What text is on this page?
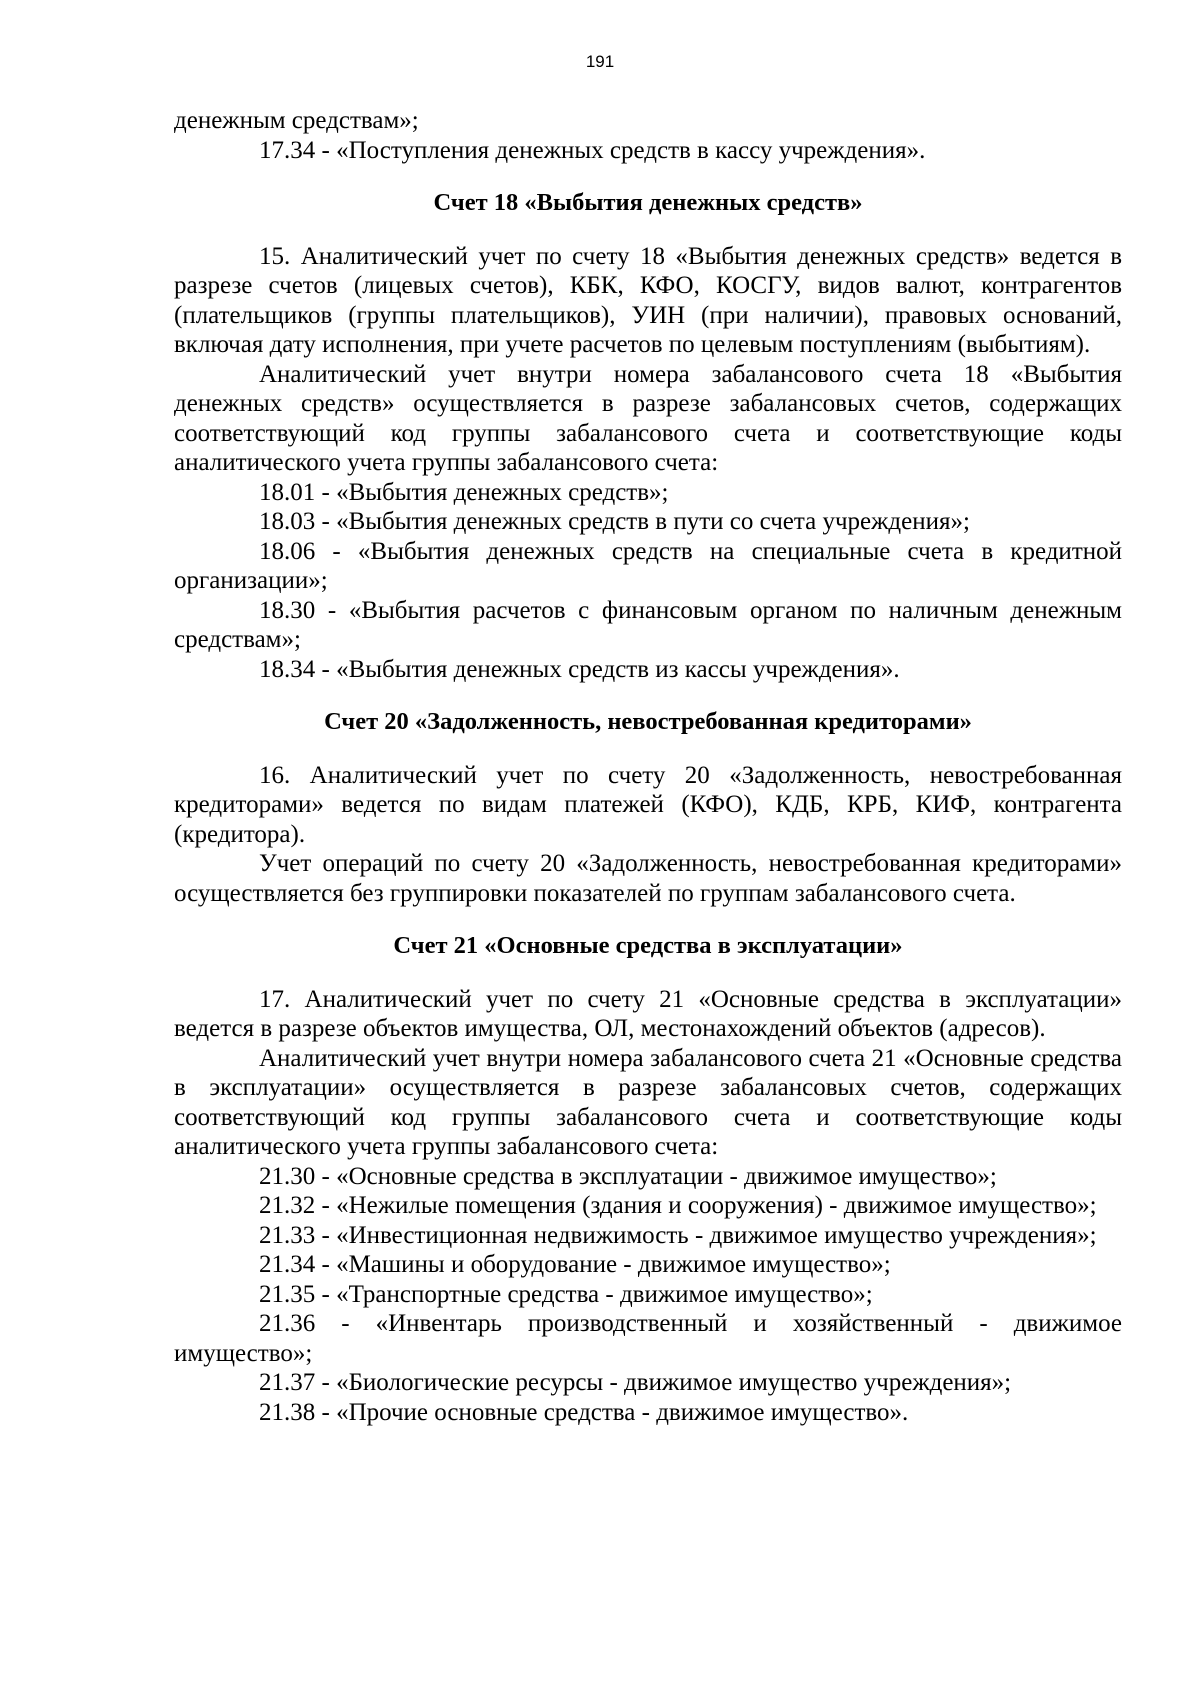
191

денежным средствам»;

17.34 - «Поступления денежных средств в кассу учреждения».

Счет 18 «Выбытия денежных средств»

15. Аналитический учет по счету 18 «Выбытия денежных средств» ведется в разрезе счетов (лицевых счетов), КБК, КФО, КОСГУ, видов валют, контрагентов (плательщиков (группы плательщиков), УИН (при наличии), правовых оснований, включая дату исполнения, при учете расчетов по целевым поступлениям (выбытиям).

Аналитический учет внутри номера забалансового счета 18 «Выбытия денежных средств» осуществляется в разрезе забалансовых счетов, содержащих соответствующий код группы забалансового счета и соответствующие коды аналитического учета группы забалансового счета:

18.01 - «Выбытия денежных средств»;

18.03 - «Выбытия денежных средств в пути со счета учреждения»;

18.06 - «Выбытия денежных средств на специальные счета в кредитной организации»;

18.30 - «Выбытия расчетов с финансовым органом по наличным денежным средствам»;

18.34 - «Выбытия денежных средств из кассы учреждения».

Счет 20 «Задолженность, невостребованная кредиторами»

16. Аналитический учет по счету 20 «Задолженность, невостребованная кредиторами» ведется по видам платежей (КФО), КДБ, КРБ, КИФ, контрагента (кредитора).

Учет операций по счету 20 «Задолженность, невостребованная кредиторами» осуществляется без группировки показателей по группам забалансового счета.

Счет 21 «Основные средства в эксплуатации»

17. Аналитический учет по счету 21 «Основные средства в эксплуатации» ведется в разрезе объектов имущества, ОЛ, местонахождений объектов (адресов).

Аналитический учет внутри номера забалансового счета 21 «Основные средства в эксплуатации» осуществляется в разрезе забалансовых счетов, содержащих соответствующий код группы забалансового счета и соответствующие коды аналитического учета группы забалансового счета:

21.30 - «Основные средства в эксплуатации - движимое имущество»;

21.32 - «Нежилые помещения (здания и сооружения) - движимое имущество»;

21.33 - «Инвестиционная недвижимость - движимое имущество учреждения»;

21.34 - «Машины и оборудование - движимое имущество»;

21.35 - «Транспортные средства - движимое имущество»;

21.36 - «Инвентарь производственный и хозяйственный - движимое имущество»;

21.37 - «Биологические ресурсы - движимое имущество учреждения»;

21.38 - «Прочие основные средства - движимое имущество».
